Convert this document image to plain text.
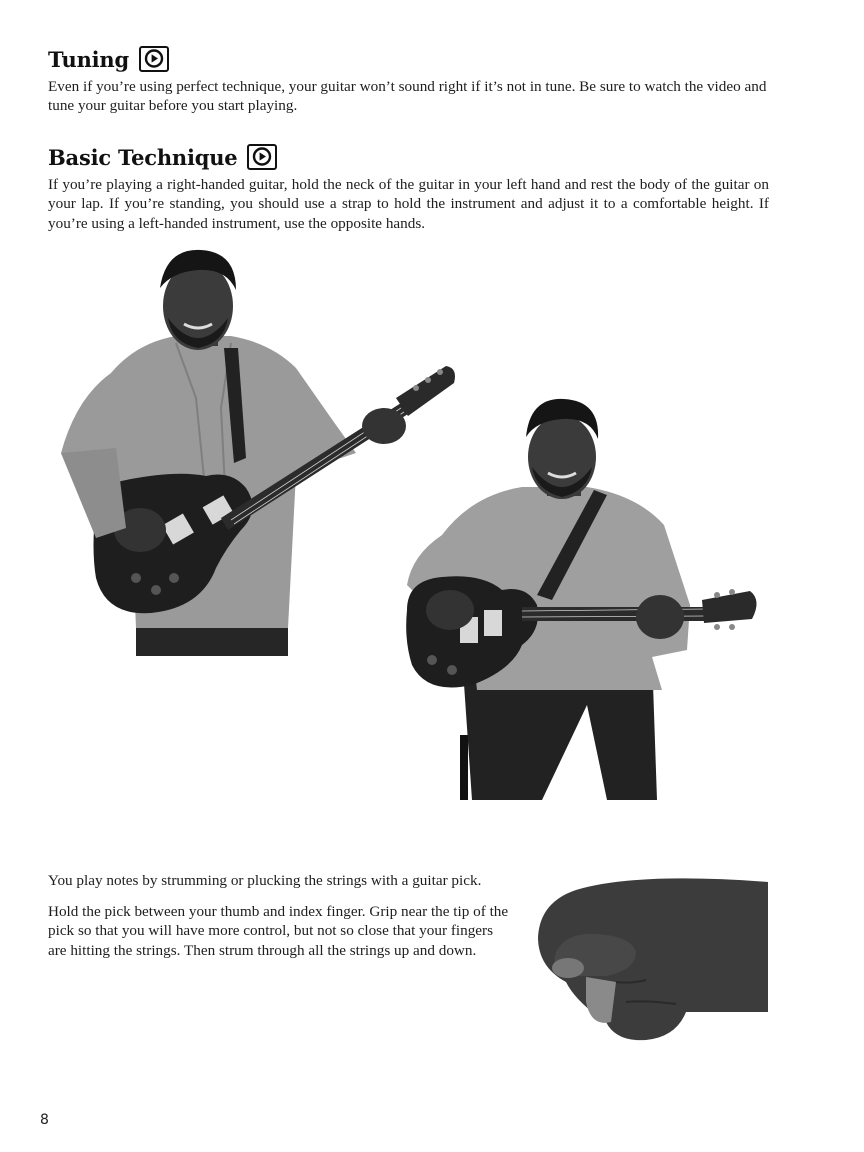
Tuning

Even if you’re using perfect technique, your guitar won’t sound right if it’s not in tune. Be sure to watch the video and tune your guitar before you start playing.

Basic Technique

If you’re playing a right-handed guitar, hold the neck of the guitar in your left hand and rest the body of the guitar on your lap. If you’re standing, you should use a strap to hold the instrument and adjust it to a comfortable height. If you’re using a left-handed instrument, use the opposite hands.

You play notes by strumming or plucking the strings with a guitar pick.

Hold the pick between your thumb and index finger. Grip near the tip of the pick so that you will have more control, but not so close that your fingers are hitting the strings. Then strum through all the strings up and down.

8
